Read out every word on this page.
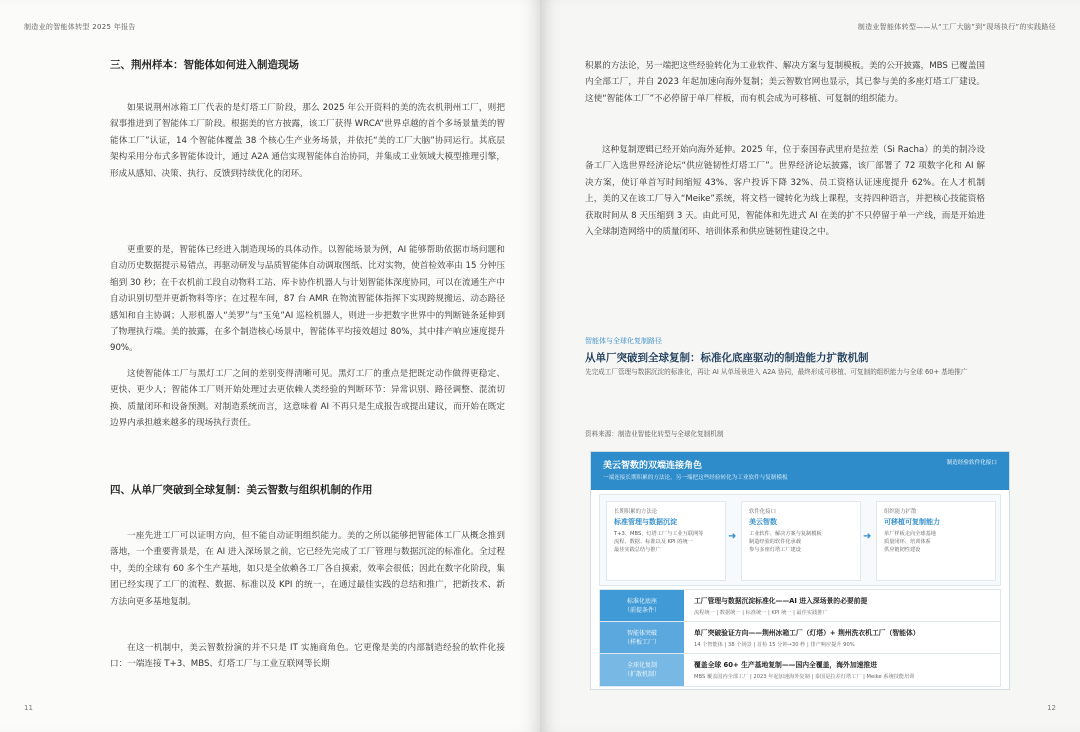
制造业的智能体转型 2025 年报告
三、荆州样本：智能体如何进入制造现场

如果说荆州冰箱工厂代表的是灯塔工厂阶段，那么 2025 年公开资料的美的洗衣机荆州工厂，则把叙事推进到了智能体工厂阶段。根据美的官方披露，该工厂获得 WRCA“世界卓越的首个多场景量美的智能体工厂”认证，14 个智能体覆盖 38 个核心生产业务场景，并依托“美的工厂大脑”协同运行。其底层架构采用分布式多智能体设计，通过 A2A 通信实现智能体自治协同，并集成工业领域大模型推理引擎，形成从感知、决策、执行、反馈到持续优化的闭环。

更重要的是，智能体已经进入制造现场的具体动作。以智能场景为例，AI 能够帮助依据市场问题和自动历史数据提示易错点，再驱动研发与品质智能体自动调取图纸、比对实物，使首检效率由 15 分钟压缩到 30 秒；在千衣机前工段自动物料工站、库卡协作机器人与计划智能体深度协同，可以在流通生产中自动识别切型并更新物料等序；在过程车间，87 台 AMR 在物流智能体指挥下实现跨规搬运、动态路径感知和自主协调；人形机器人“美罗”与“玉兔”AI 巡检机器人，则进一步把数字世界中的判断链条延伸到了物理执行端。美的披露，在多个制造核心场景中，智能体平均接效超过 80%，其中排产响应速度提升 90%。

这使智能体工厂与黑灯工厂之间的差别变得清晰可见。黑灯工厂的重点是把既定动作做得更稳定、更快、更少人；智能体工厂则开始处理过去更依赖人类经验的判断环节：异常识别、路径调整、混流切换、质量闭环和设备预测。对制造系统而言，这意味着 AI 不再只是生成报告或提出建议，而开始在既定边界内承担越来越多的现场执行责任。

四、从单厂突破到全球复制：美云智数与组织机制的作用

一座先进工厂可以证明方向，但不能自动证明组织能力。美的之所以能够把智能体工厂从概念推到落地，一个重要背景是，在 AI 进入深场景之前，它已经先完成了工厂管理与数据沉淀的标准化。全过程中，美的全球有 60 多个生产基地，如只是全依赖各工厂各自摸索，效率会很低；因此在数字化阶段，集团已经实现了工厂的流程、数据、标准以及 KPI 的统一，在通过最佳实践的总结和推广，把新技术、新方法向更多基地复制。

在这一机制中，美云智数扮演的并不只是 IT 实施商角色。它更像是美的内部制造经验的软件化接口：一端连接 T+3、MBS、灯塔工厂与工业互联网等长期

11
制造业智能体转型——从“工厂大脑”到“现场执行”的实践路径

积累的方法论，另一端把这些经验转化为工业软件、解决方案与复制模板。美的公开披露，MBS 已覆盖国内全部工厂，并自 2023 年起加速向海外复制；美云智数官网也显示，其已参与美的多座灯塔工厂建设。这使“智能体工厂”不必停留于单厂样板，而有机会成为可移植、可复制的组织能力。

这种复制逻辑已经开始向海外延伸。2025 年，位于泰国春武里府是拉差（Si Racha）的美的制冷设备工厂入选世界经济论坛“供应链韧性灯塔工厂”。世界经济论坛披露，该厂部署了 72 项数字化和 AI 解决方案，使订单首写时间缩短 43%、客户投诉下降 32%、员工资格认证速度提升 62%。在人才机制上，美的又在该工厂导入“Meike”系统，将文档一键转化为线上课程，支持四种语言，并把核心技能资格获取时间从 8 天压缩到 3 天。由此可见，智能体和先进式 AI 在美的扩不只停留于单一产线，而是开始进入全球制造网络中的质量闭环、培训体系和供应链韧性建设之中。

智能体与全球化复制路径
从单厂突破到全球复制：标准化底座驱动的制造能力扩散机制
先完成工厂管理与数据沉淀的标准化，再让 AI 从单场景进入 A2A 协同，最终形成可移植、可复制的组织能力与全球 60+ 基地推广
资料来源：制造业智能化转型与全球化复制机制
美云智数的双端连接角色
一端连接长期积累的方法论，另一端把这些经验转化为工业软件与复制模板
制造经验软件化接口
长期积累的方法论
标准管理与数据沉淀
T+3、MBS、灯塔工厂与工业互联网等
流程、数据、标准以及 KPI 的统一
最佳实践总结与推广
➜
软件化接口
美云智数
工业软件、解决方案与复制模板
制造经验的软件化承载
参与多座灯塔工厂建设
➜
组织能力扩散
可移植可复制能力
单厂样板走向全球基地
质量闭环、培训体系
供应链韧性建设
标准化底座
（前提条件）
工厂管理与数据沉淀标准化——AI 进入深场景的必要前提
流程统一 | 数据统一 | 标准统一 | KPI 统一 | 最佳实践推广
智能体突破
（样板工厂）
单厂突破验证方向——荆州冰箱工厂（灯塔）+ 荆州洗衣机工厂（智能体）
14 个智能体 | 38 个场景 | 首检 15 分钟→30 秒 | 排产响应提升 90%
全球化复制
（扩散机制）
覆盖全球 60+ 生产基地复制——国内全覆盖，海外加速推进
MBS 覆盖国内全部工厂 | 2023 年起加速海外复制 | 泰国是拉差灯塔工厂 | Meike 系统技能培训
12
